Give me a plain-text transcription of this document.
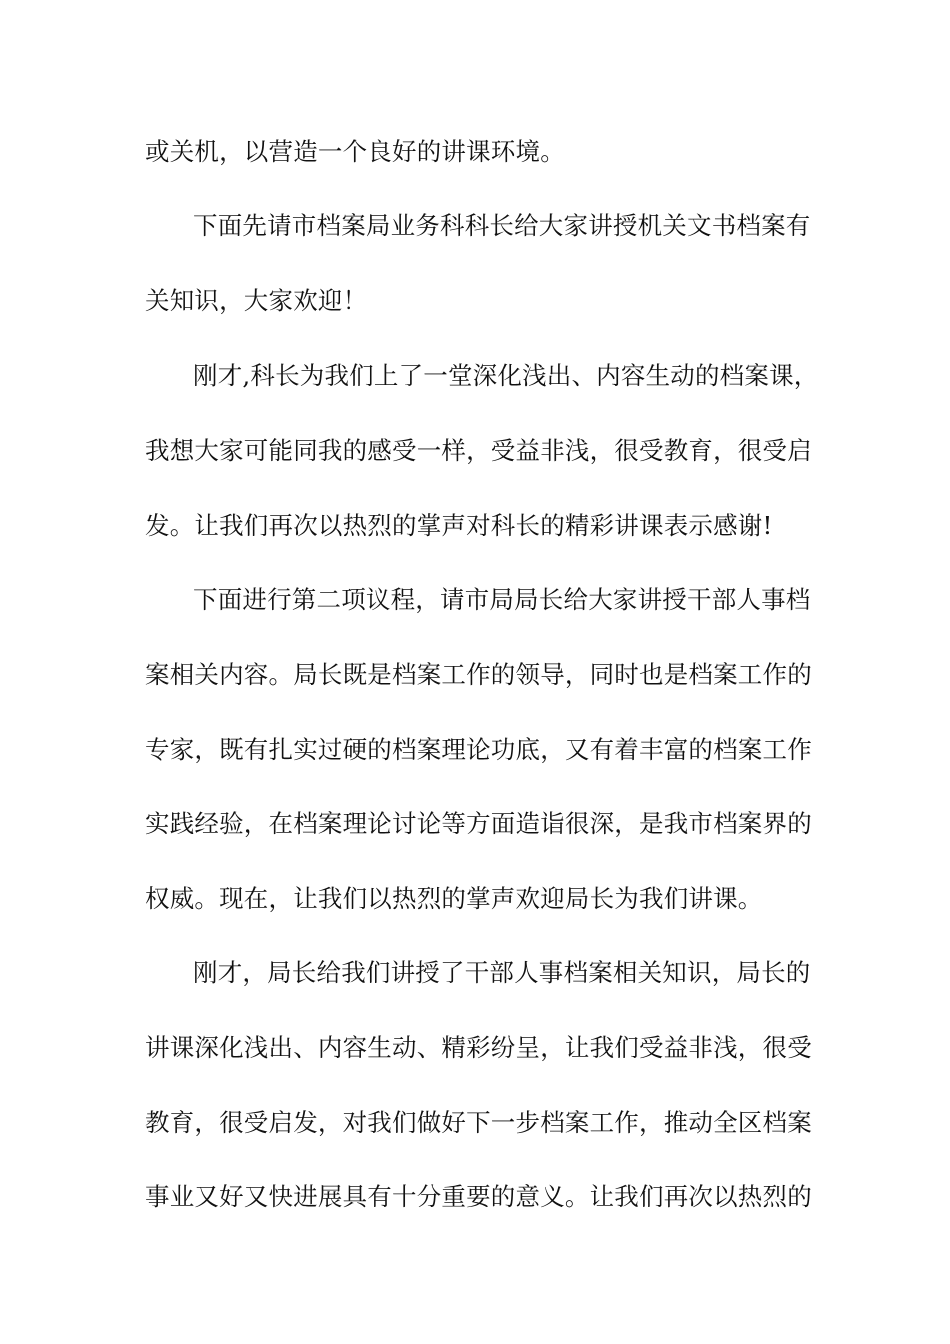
或关机，以营造一个良好的讲课环境。
下面先请市档案局业务科科长给大家讲授机关文书档案有
关知识，大家欢迎！
刚才,科长为我们上了一堂深化浅出、内容生动的档案课，
我想大家可能同我的感受一样，受益非浅，很受教育，很受启
发。让我们再次以热烈的掌声对科长的精彩讲课表示感谢!
下面进行第二项议程，请市局局长给大家讲授干部人事档
案相关内容。局长既是档案工作的领导，同时也是档案工作的
专家，既有扎实过硬的档案理论功底，又有着丰富的档案工作
实践经验，在档案理论讨论等方面造诣很深，是我市档案界的
权威。现在，让我们以热烈的掌声欢迎局长为我们讲课。
刚才，局长给我们讲授了干部人事档案相关知识，局长的
讲课深化浅出、内容生动、精彩纷呈，让我们受益非浅，很受
教育，很受启发，对我们做好下一步档案工作，推动全区档案
事业又好又快进展具有十分重要的意义。让我们再次以热烈的
